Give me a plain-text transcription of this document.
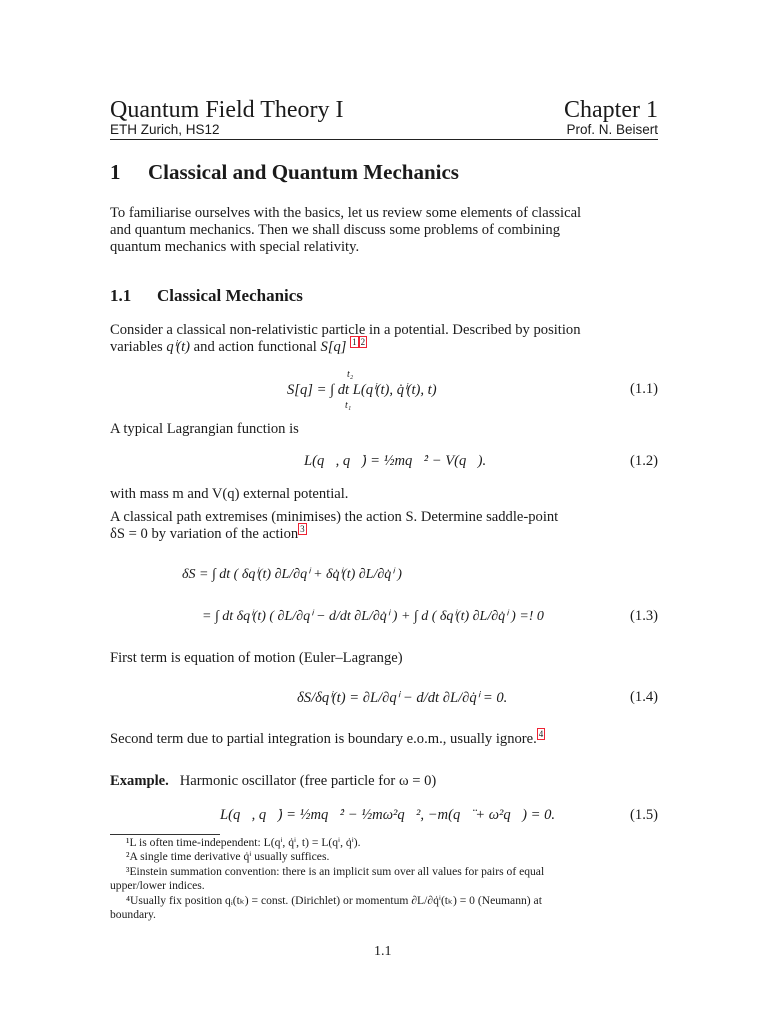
Quantum Field Theory I	Chapter 1
ETH Zurich, HS12	Prof. N. Beisert
1 Classical and Quantum Mechanics
To familiarise ourselves with the basics, let us review some elements of classical
and quantum mechanics. Then we shall discuss some problems of combining
quantum mechanics with special relativity.
1.1 Classical Mechanics
Consider a classical non-relativistic particle in a potential. Described by position
variables qⁱ(t) and action functional S[q] $^1$ $^2$
S[q] = ∫ dt L(qⁱ(t), q̇ⁱ(t), t)
t₂
t₁
(1.1)
A typical Lagrangian function is
L(q⃗, q⃗̇) = ½mq⃗̇² − V(q⃗).	(1.2)
with mass m and V(q) external potential.
A classical path extremises (minimises) the action S. Determine saddle-point
δS = 0 by variation of the action $^3$
δS = ∫ dt ( δqⁱ(t) ∂L/∂qⁱ + δq̇ⁱ(t) ∂L/∂q̇ⁱ )
= ∫ dt δqⁱ(t) ( ∂L/∂qⁱ − d/dt ∂L/∂q̇ⁱ ) + ∫ d ( δqⁱ(t) ∂L/∂q̇ⁱ ) =! 0	(1.3)
First term is equation of motion (Euler–Lagrange)
δS/δqⁱ(t) = ∂L/∂qⁱ − d/dt ∂L/∂q̇ⁱ = 0.	(1.4)
Second term due to partial integration is boundary e.o.m., usually ignore. $^4$
Example. Harmonic oscillator (free particle for ω = 0)
L(q⃗, q⃗̇) = ½mq⃗̇² − ½mω²q⃗², −m(q⃗̈ + ω²q⃗) = 0.	(1.5)
¹L is often time-independent: L(qⁱ, q̇ⁱ, t) = L(qⁱ, q̇ⁱ).
²A single time derivative q̇ⁱ usually suffices.
³Einstein summation convention: there is an implicit sum over all values for pairs of equal
upper/lower indices.
⁴Usually fix position qᵢ(tₖ) = const. (Dirichlet) or momentum ∂L/∂q̇ⁱ(tₖ) = 0 (Neumann) at
boundary.
1.1
